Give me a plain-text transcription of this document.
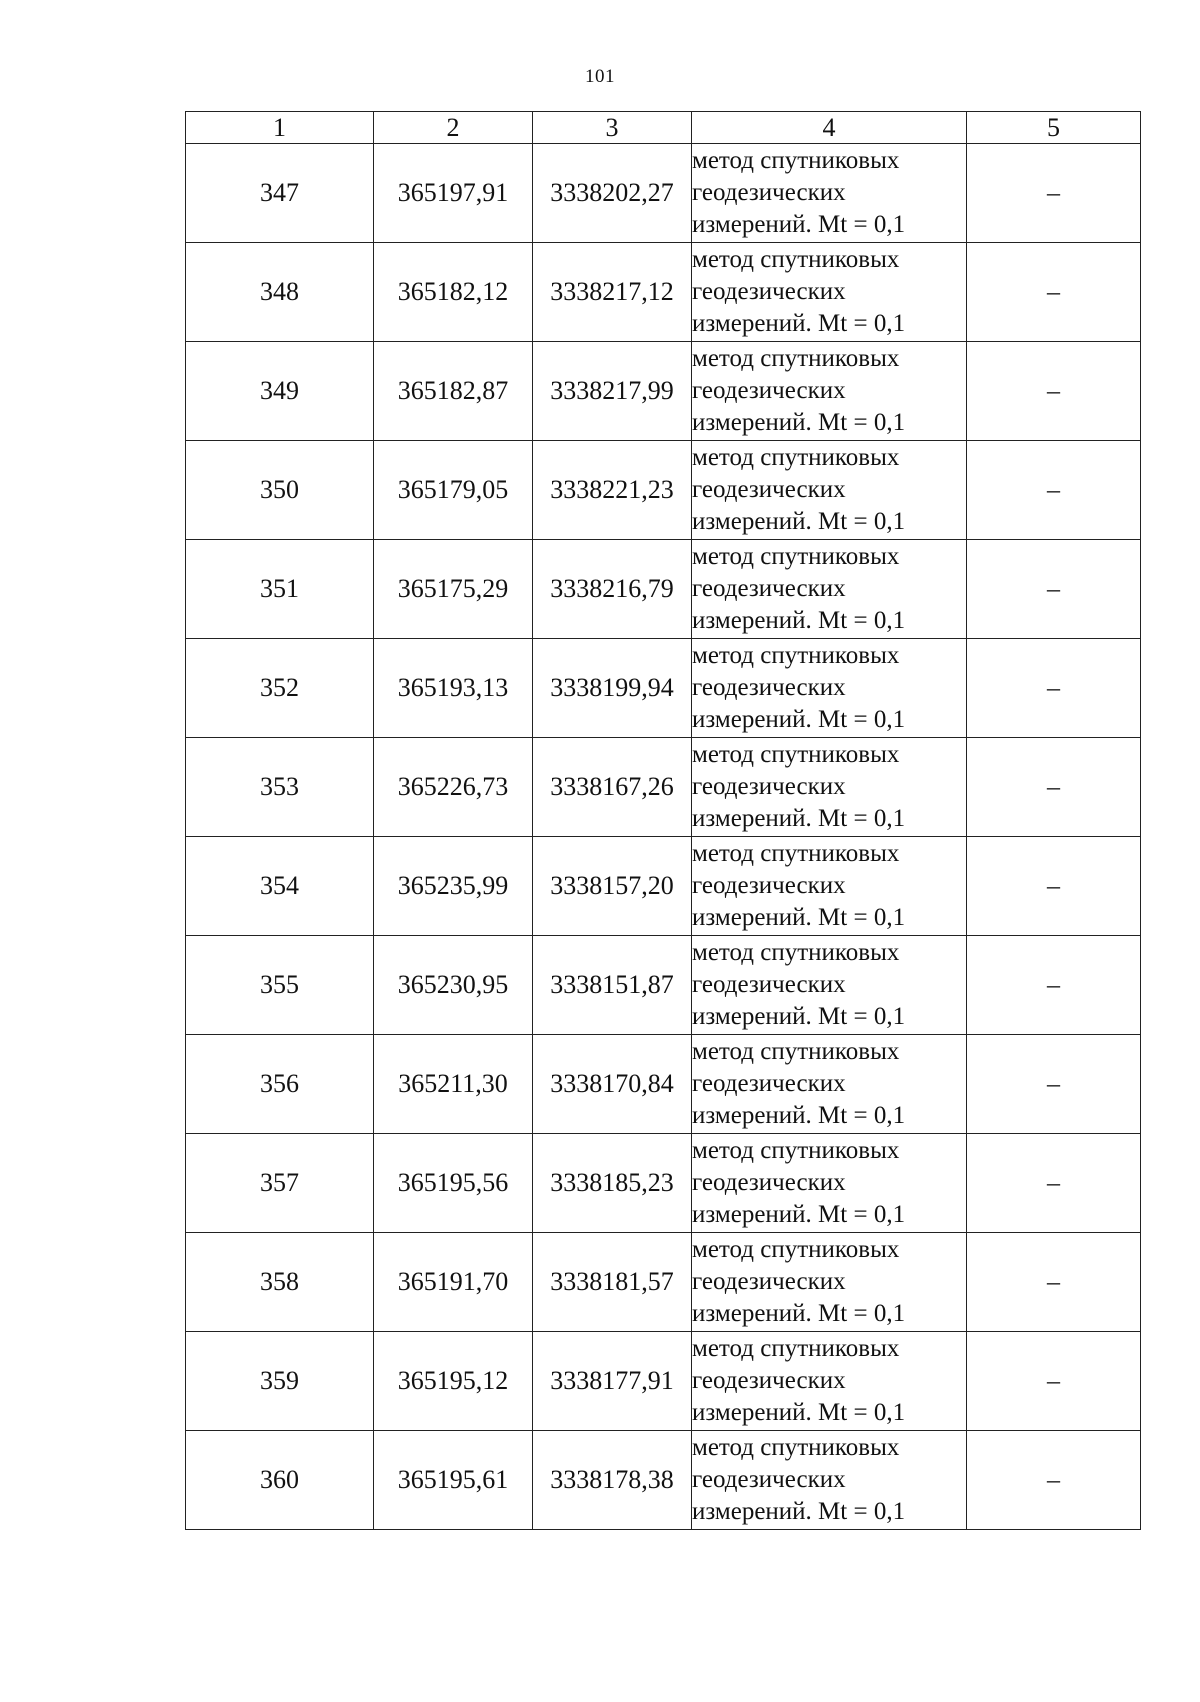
101
1	2	3	4	5
347	365197,91	3338202,27	метод спутниковых
геодезических
измерений. Mt = 0,1	–
348	365182,12	3338217,12	метод спутниковых
геодезических
измерений. Mt = 0,1	–
349	365182,87	3338217,99	метод спутниковых
геодезических
измерений. Mt = 0,1	–
350	365179,05	3338221,23	метод спутниковых
геодезических
измерений. Mt = 0,1	–
351	365175,29	3338216,79	метод спутниковых
геодезических
измерений. Mt = 0,1	–
352	365193,13	3338199,94	метод спутниковых
геодезических
измерений. Mt = 0,1	–
353	365226,73	3338167,26	метод спутниковых
геодезических
измерений. Mt = 0,1	–
354	365235,99	3338157,20	метод спутниковых
геодезических
измерений. Mt = 0,1	–
355	365230,95	3338151,87	метод спутниковых
геодезических
измерений. Mt = 0,1	–
356	365211,30	3338170,84	метод спутниковых
геодезических
измерений. Mt = 0,1	–
357	365195,56	3338185,23	метод спутниковых
геодезических
измерений. Mt = 0,1	–
358	365191,70	3338181,57	метод спутниковых
геодезических
измерений. Mt = 0,1	–
359	365195,12	3338177,91	метод спутниковых
геодезических
измерений. Mt = 0,1	–
360	365195,61	3338178,38	метод спутниковых
геодезических
измерений. Mt = 0,1	–
